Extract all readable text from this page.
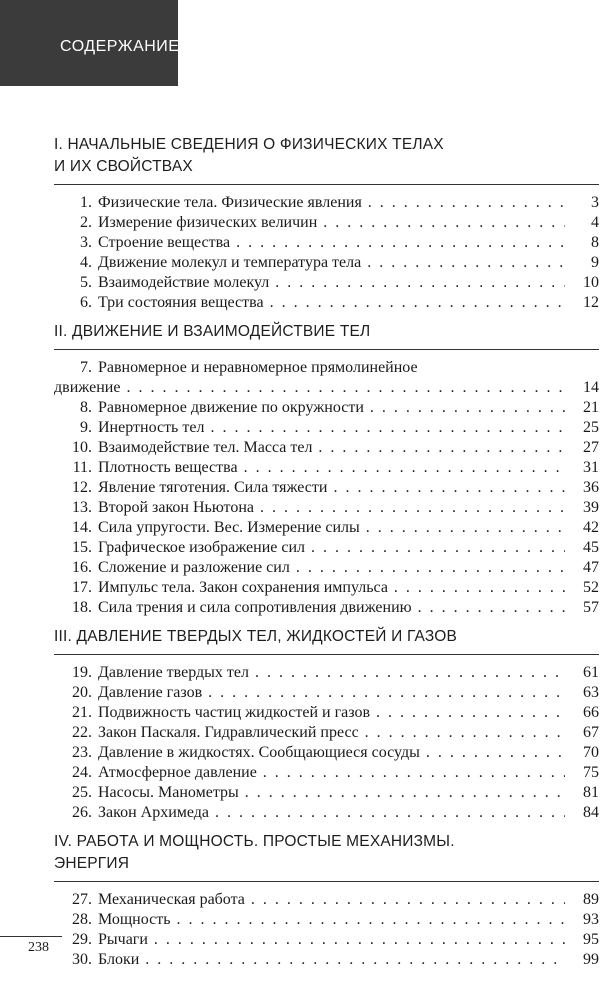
СОДЕРЖАНИЕ
I. НАЧАЛЬНЫЕ СВЕДЕНИЯ О ФИЗИЧЕСКИХ ТЕЛАХ
И ИХ СВОЙСТВАХ
1. Физические тела. Физические явления . . .	3
2. Измерение физических величин . . .	4
3. Строение вещества . . .	8
4. Движение молекул и температура тела . . .	9
5. Взаимодействие молекул . . .	10
6. Три состояния вещества . . .	12
II. ДВИЖЕНИЕ И ВЗАИМОДЕЙСТВИЕ ТЕЛ
7. Равномерное и неравномерное прямолинейное
движение . . .	14
8. Равномерное движение по окружности . . .	21
9. Инертность тел . . .	25
10. Взаимодействие тел. Масса тел . . .	27
11. Плотность вещества . . .	31
12. Явление тяготения. Сила тяжести . . .	36
13. Второй закон Ньютона . . .	39
14. Сила упругости. Вес. Измерение силы . . .	42
15. Графическое изображение сил . . .	45
16. Сложение и разложение сил . . .	47
17. Импульс тела. Закон сохранения импульса . . .	52
18. Сила трения и сила сопротивления движению . . .	57
III. ДАВЛЕНИЕ ТВЕРДЫХ ТЕЛ, ЖИДКОСТЕЙ И ГАЗОВ
19. Давление твердых тел . . .	61
20. Давление газов . . .	63
21. Подвижность частиц жидкостей и газов . . .	66
22. Закон Паскаля. Гидравлический пресс . . .	67
23. Давление в жидкостях. Сообщающиеся сосуды . . .	70
24. Атмосферное давление . . .	75
25. Насосы. Манометры . . .	81
26. Закон Архимеда . . .	84
IV. РАБОТА И МОЩНОСТЬ. ПРОСТЫЕ МЕХАНИЗМЫ.
ЭНЕРГИЯ
27. Механическая работа . . .	89
28. Мощность . . .	93
29. Рычаги . . .	95
30. Блоки . . .	99
238
